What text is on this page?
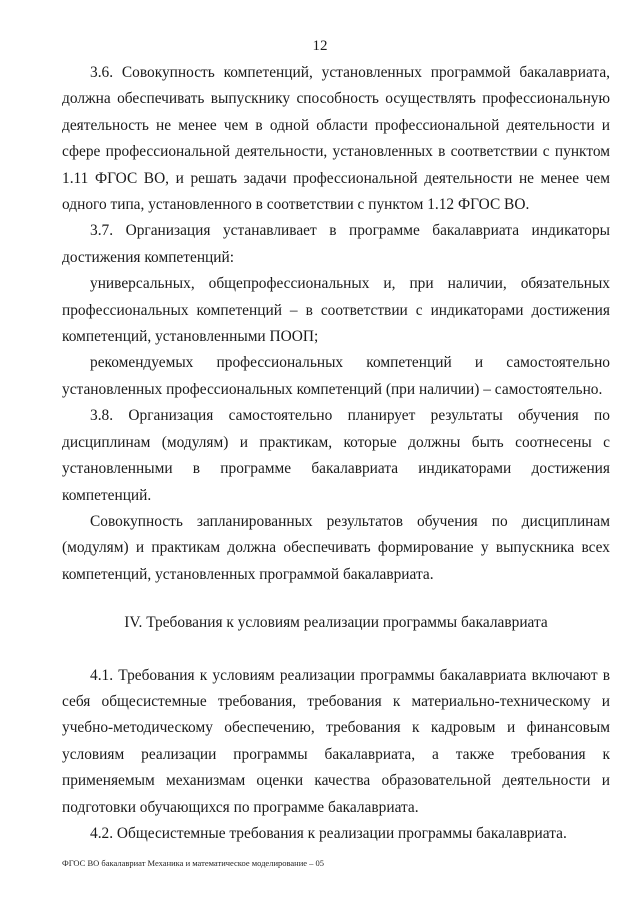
12

3.6. Совокупность компетенций, установленных программой бакалавриата, должна обеспечивать выпускнику способность осуществлять профессиональную деятельность не менее чем в одной области профессиональной деятельности и сфере профессиональной деятельности, установленных в соответствии с пунктом 1.11 ФГОС ВО, и решать задачи профессиональной деятельности не менее чем одного типа, установленного в соответствии с пунктом 1.12 ФГОС ВО.

3.7. Организация устанавливает в программе бакалавриата индикаторы достижения компетенций:

универсальных, общепрофессиональных и, при наличии, обязательных профессиональных компетенций – в соответствии с индикаторами достижения компетенций, установленными ПООП;

рекомендуемых профессиональных компетенций и самостоятельно установленных профессиональных компетенций (при наличии) – самостоятельно.

3.8. Организация самостоятельно планирует результаты обучения по дисциплинам (модулям) и практикам, которые должны быть соотнесены с установленными в программе бакалавриата индикаторами достижения компетенций.

Совокупность запланированных результатов обучения по дисциплинам (модулям) и практикам должна обеспечивать формирование у выпускника всех компетенций, установленных программой бакалавриата.

IV. Требования к условиям реализации программы бакалавриата

4.1. Требования к условиям реализации программы бакалавриата включают в себя общесистемные требования, требования к материально-техническому и учебно-методическому обеспечению, требования к кадровым и финансовым условиям реализации программы бакалавриата, а также требования к применяемым механизмам оценки качества образовательной деятельности и подготовки обучающихся по программе бакалавриата.

4.2. Общесистемные требования к реализации программы бакалавриата.

ФГОС ВО бакалавриат Механика и математическое моделирование – 05
